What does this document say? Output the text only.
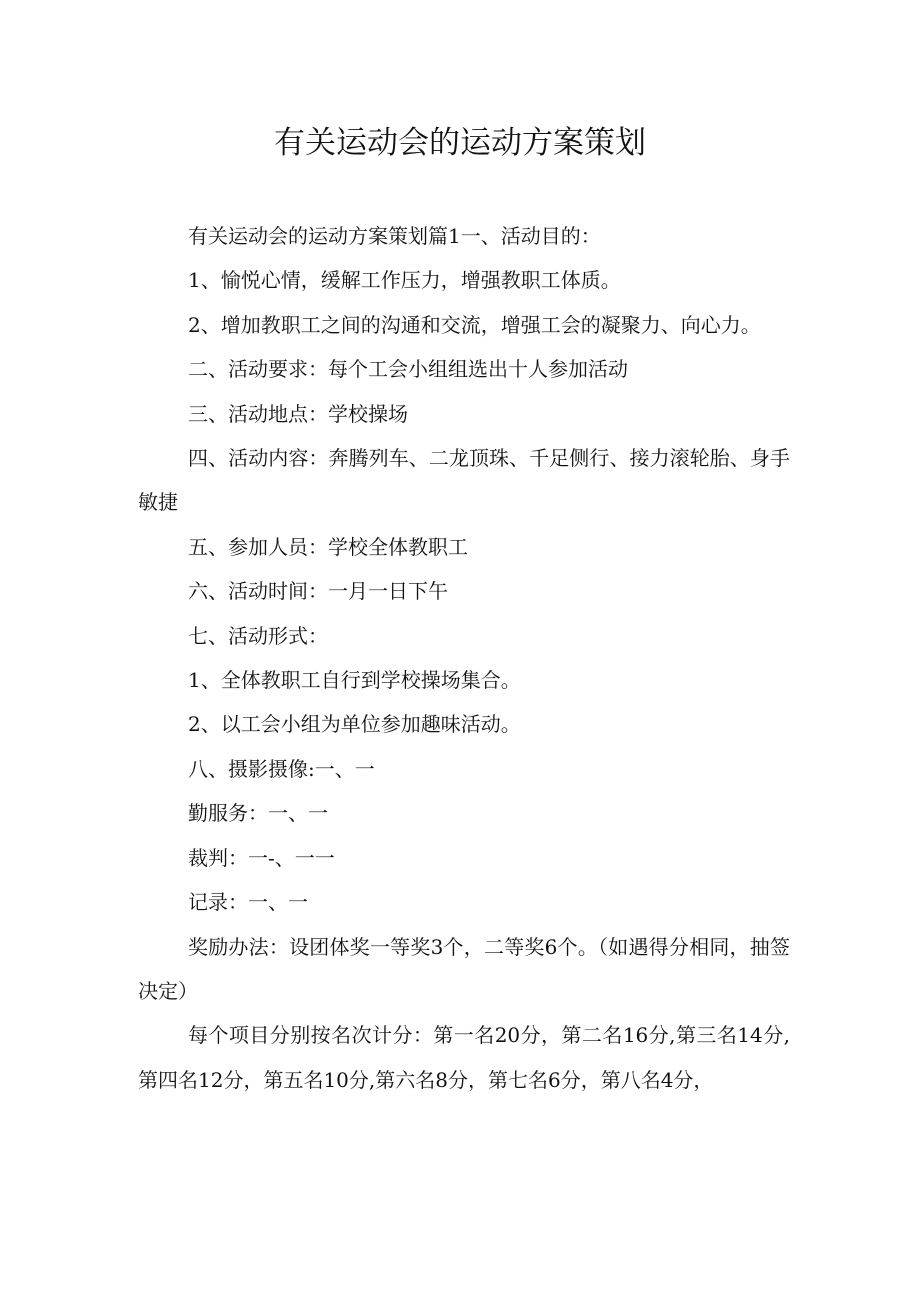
有关运动会的运动方案策划

有关运动会的运动方案策划篇1一、活动目的：

1、愉悦心情，缓解工作压力，增强教职工体质。

2、增加教职工之间的沟通和交流，增强工会的凝聚力、向心力。

二、活动要求：每个工会小组组选出十人参加活动

三、活动地点：学校操场

四、活动内容：奔腾列车、二龙顶珠、千足侧行、接力滚轮胎、身手敏捷

五、参加人员：学校全体教职工

六、活动时间：一月一日下午

七、活动形式：

1、全体教职工自行到学校操场集合。

2、以工会小组为单位参加趣味活动。

八、摄影摄像:一、一

勤服务：一、一

裁判：一-、一一

记录：一、一

奖励办法：设团体奖一等奖3个，二等奖6个。（如遇得分相同，抽签决定）

每个项目分别按名次计分：第一名20分，第二名16分,第三名14分,第四名12分，第五名10分,第六名8分，第七名6分，第八名4分，
